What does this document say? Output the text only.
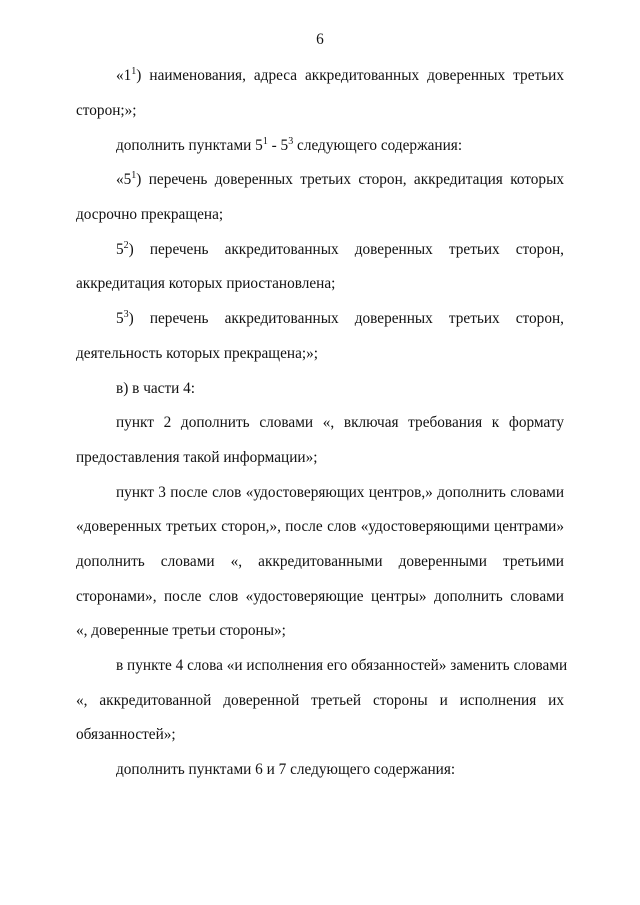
6
«$1^1$) наименования, адреса аккредитованных доверенных третьих
сторон;»;
дополнить пунктами $5^1 - 5^3$ следующего содержания:
«$5^1$) перечень доверенных третьих сторон, аккредитация которых
досрочно прекращена;
$5^2$) перечень аккредитованных доверенных третьих сторон,
аккредитация которых приостановлена;
$5^3$) перечень аккредитованных доверенных третьих сторон,
деятельность которых прекращена;»;
в) в части 4:
пункт 2 дополнить словами «, включая требования к формату
предоставления такой информации»;
пункт 3 после слов «удостоверяющих центров,» дополнить словами
«доверенных третьих сторон,», после слов «удостоверяющими центрами»
дополнить словами «, аккредитованными доверенными третьими
сторонами», после слов «удостоверяющие центры» дополнить словами
«, доверенные третьи стороны»;
в пункте 4 слова «и исполнения его обязанностей» заменить словами
«, аккредитованной доверенной третьей стороны и исполнения их
обязанностей»;
дополнить пунктами 6 и 7 следующего содержания:
